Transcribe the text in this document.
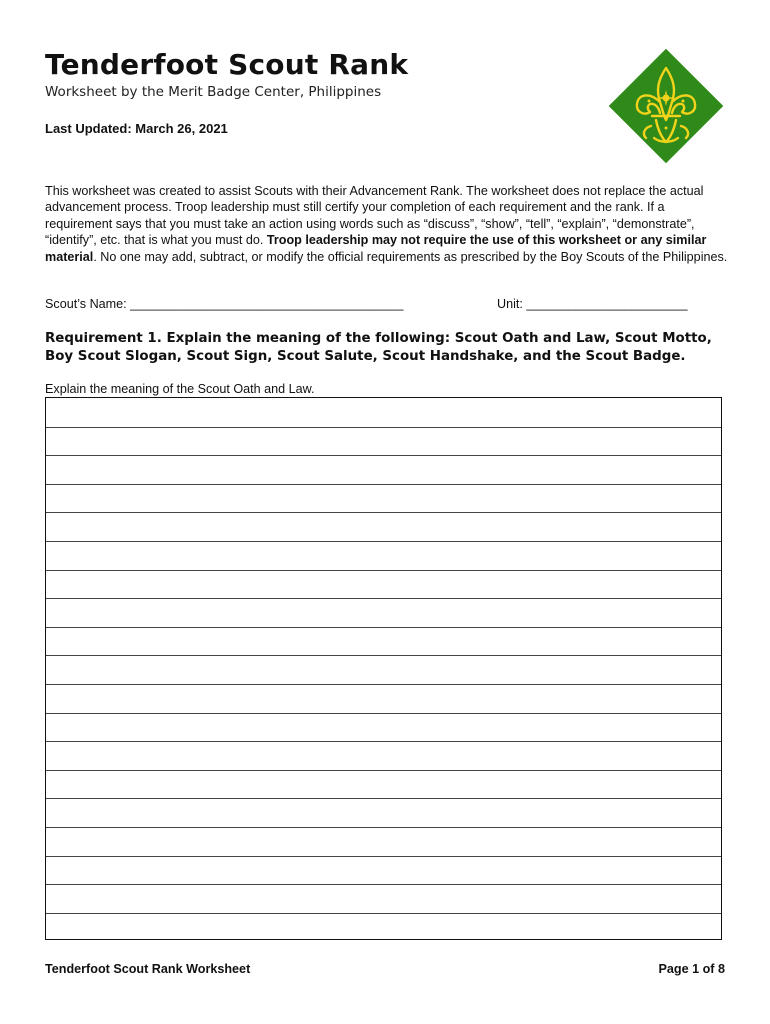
Tenderfoot Scout Rank
Worksheet by the Merit Badge Center, Philippines
Last Updated: March 26, 2021
This worksheet was created to assist Scouts with their Advancement Rank. The worksheet does not replace the actual advancement process. Troop leadership must still certify your completion of each requirement and the rank. If a requirement says that you must take an action using words such as “discuss”, “show”, “tell”, “explain”, “demonstrate”, “identify”, etc. that is what you must do. Troop leadership may not require the use of this worksheet or any similar material. No one may add, subtract, or modify the official requirements as prescribed by the Boy Scouts of the Philippines.
Scout’s Name: _______________________________________	Unit: _______________________
Requirement 1. Explain the meaning of the following: Scout Oath and Law, Scout Motto, Boy Scout Slogan, Scout Sign, Scout Salute, Scout Handshake, and the Scout Badge.
Explain the meaning of the Scout Oath and Law.
Tenderfoot Scout Rank Worksheet	Page 1 of 8
